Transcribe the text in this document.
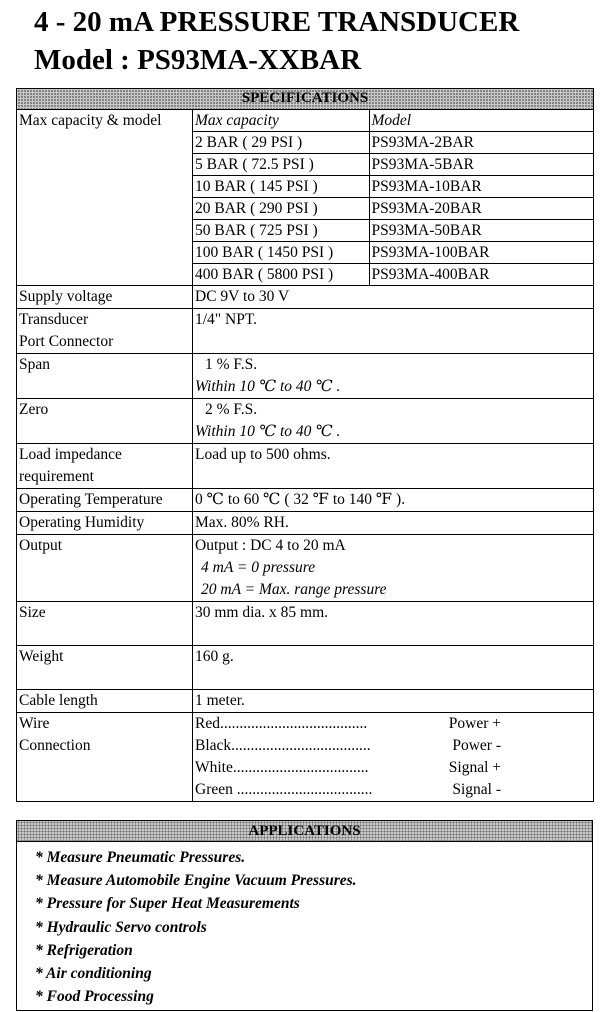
4 - 20 mA PRESSURE TRANSDUCER
Model : PS93MA-XXBAR
SPECIFICATIONS
Max capacity & model	Max capacity	Model
2 BAR ( 29 PSI )	PS93MA-2BAR
5 BAR ( 72.5 PSI )	PS93MA-5BAR
10 BAR ( 145 PSI )	PS93MA-10BAR
20 BAR ( 290 PSI )	PS93MA-20BAR
50 BAR ( 725 PSI )	PS93MA-50BAR
100 BAR ( 1450 PSI )	PS93MA-100BAR
400 BAR ( 5800 PSI )	PS93MA-400BAR

Supply voltage	DC 9V to 30 V

Transducer
Port Connector
	1/4" NPT.
Span	1 % F.S.
Within 10 ℃ to 40 ℃ .

Zero	2 % F.S.
Within 10 ℃ to 40 ℃ .

Load impedance
requirement
	Load up to 500 ohms.
Operating Temperature	0 ℃ to 60 ℃ ( 32 ℉ to 140 ℉ ).
Operating Humidity	Max. 80% RH.
Output	Output : DC 4 to 20 mA
4 mA = 0 pressure
20 mA = Max. range pressure

Size	30 mm dia. x 85 mm.
Weight	160 g.
Cable length	1 meter.

Wire
Connection

Red......................................	Power +
Black....................................	Power -
White...................................	Signal +
Green ...................................	Signal -
APPLICATIONS
* Measure Pneumatic Pressures.
* Measure Automobile Engine Vacuum Pressures.
* Pressure for Super Heat Measurements
* Hydraulic Servo controls
* Refrigeration
* Air conditioning
* Food Processing
